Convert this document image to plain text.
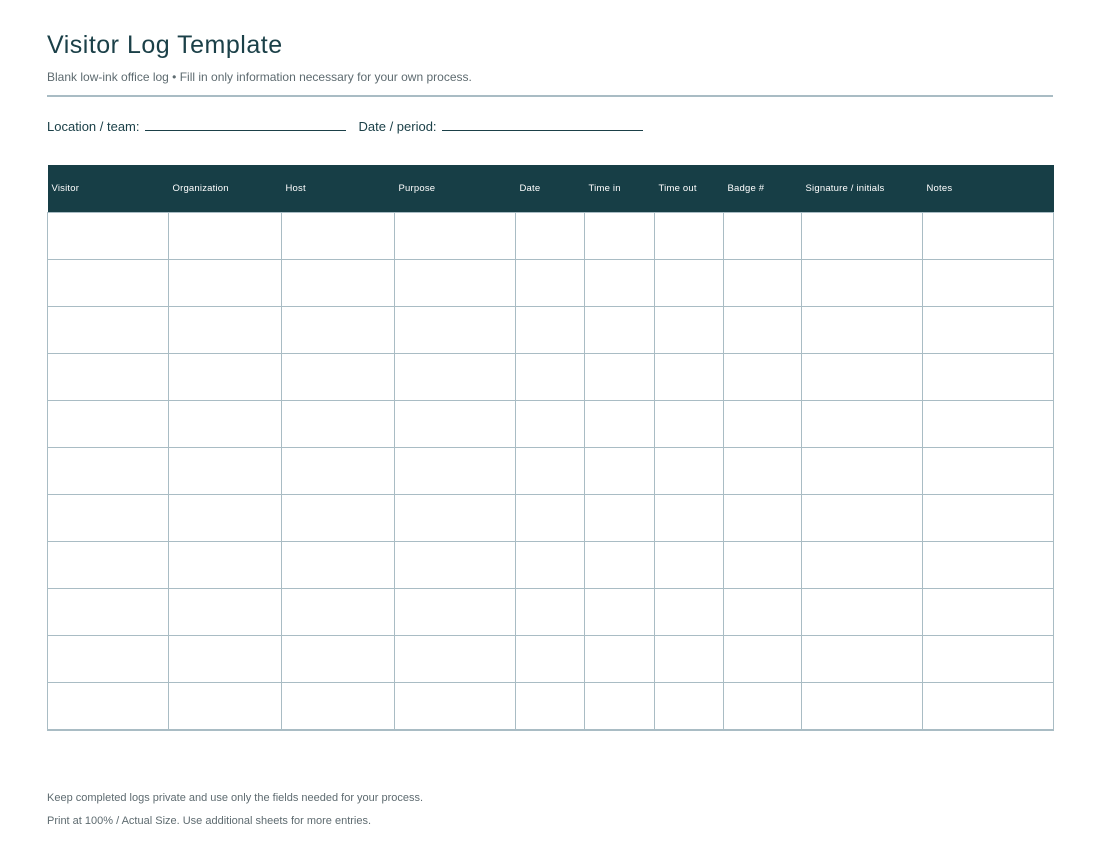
Visitor Log Template
Blank low-ink office log • Fill in only information necessary for your own process.
Location / team:	Date / period:
Visitor	Organization	Host	Purpose	Date	Time in	Time out	Badge #	Signature / initials	Notes

Keep completed logs private and use only the fields needed for your process.
Print at 100% / Actual Size. Use additional sheets for more entries.
